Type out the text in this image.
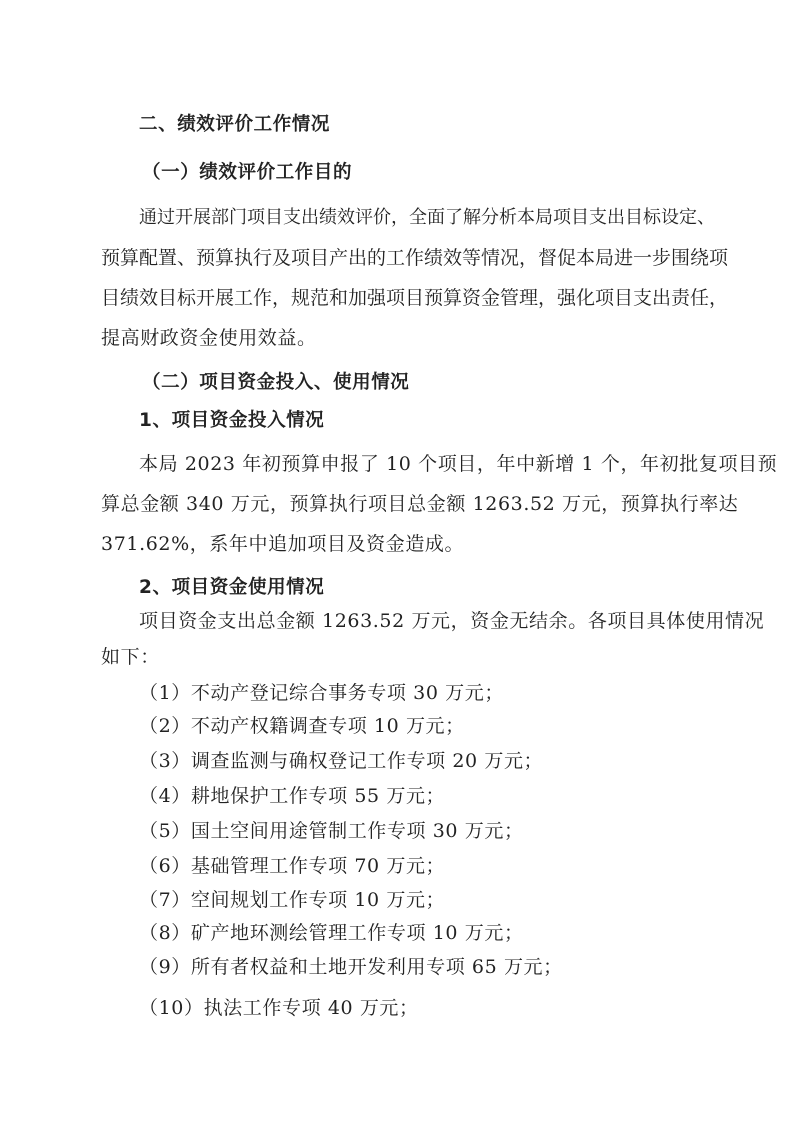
二、绩效评价工作情况
（一）绩效评价工作目的
通过开展部门项目支出绩效评价，全面了解分析本局项目支出目标设定、
预算配置、预算执行及项目产出的工作绩效等情况，督促本局进一步围绕项
目绩效目标开展工作，规范和加强项目预算资金管理，强化项目支出责任，
提高财政资金使用效益。
（二）项目资金投入、使用情况
1、项目资金投入情况
本局 2023 年初预算申报了 10 个项目，年中新增 1 个，年初批复项目预
算总金额 340 万元，预算执行项目总金额 1263.52 万元，预算执行率达
371.62%，系年中追加项目及资金造成。
2、项目资金使用情况
项目资金支出总金额 1263.52 万元，资金无结余。各项目具体使用情况
如下：
（1）不动产登记综合事务专项 30 万元；
（2）不动产权籍调查专项 10 万元；
（3）调查监测与确权登记工作专项 20 万元；
（4）耕地保护工作专项 55 万元；
（5）国土空间用途管制工作专项 30 万元；
（6）基础管理工作专项 70 万元；
（7）空间规划工作专项 10 万元；
（8）矿产地环测绘管理工作专项 10 万元；
（9）所有者权益和土地开发利用专项 65 万元；
（10）执法工作专项 40 万元；
